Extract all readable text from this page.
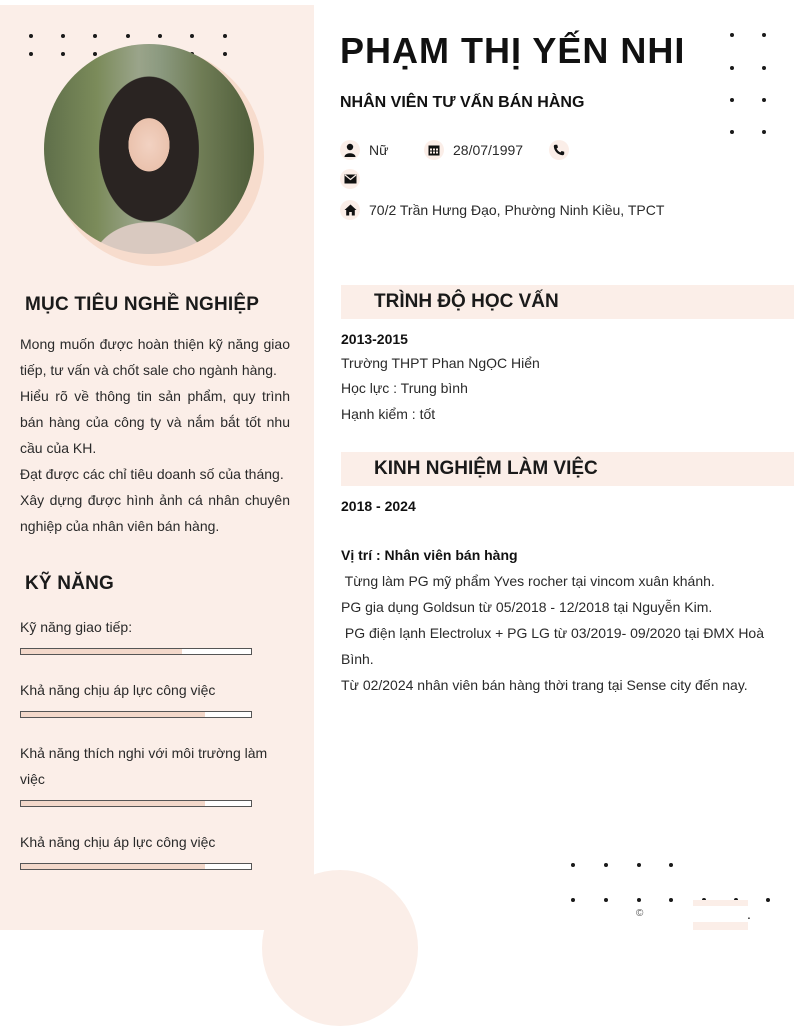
MỤC TIÊU NGHỀ NGHIỆP

Mong muốn được hoàn thiện kỹ năng giao tiếp, tư vấn và chốt sale cho ngành hàng.

Hiểu rõ về thông tin sản phẩm, quy trình bán hàng của công ty và nắm bắt tốt nhu cầu của KH.

Đạt được các chỉ tiêu doanh số của tháng.

Xây dựng được hình ảnh cá nhân chuyên nghiệp của nhân viên bán hàng.

KỸ NĂNG
Kỹ năng giao tiếp:
Khả năng chịu áp lực công việc
Khả năng thích nghi với môi trường làm việc
Khả năng chịu áp lực công việc
PHẠM THỊ YẾN NHI
NHÂN VIÊN TƯ VẤN BÁN HÀNG
Nữ	28/07/1997
70/2 Trần Hưng Đạo, Phường Ninh Kiều, TPCT
TRÌNH ĐỘ HỌC VẤN
2013-2015
Trường THPT Phan NgỌC Hiển
Học lực : Trung bình
Hạnh kiểm : tốt
KINH NGHIỆM LÀM VIỆC
2018 - 2024

Vị trí : Nhân viên bán hàng

Từng làm PG mỹ phẩm Yves rocher tại vincom xuân khánh.

PG gia dụng Goldsun từ 05/2018 - 12/2018 tại Nguyễn Kim.

PG điện lạnh Electrolux + PG LG từ 03/2019- 09/2020 tại ĐMX Hoà Bình.

Từ 02/2024 nhân viên bán hàng thời trang tại Sense city đến nay.

©	.
